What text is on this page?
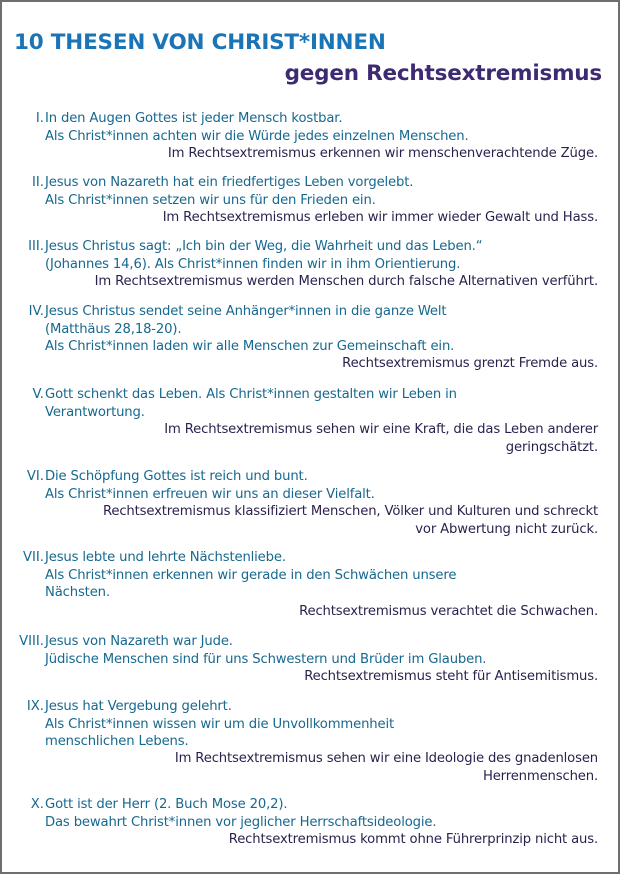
10 THESEN VON CHRIST*INNEN
gegen Rechtsextremismus
I. In den Augen Gottes ist jeder Mensch kostbar.
Als Christ*innen achten wir die Würde jedes einzelnen Menschen.
Im Rechtsextremismus erkennen wir menschenverachtende Züge.
II. Jesus von Nazareth hat ein friedfertiges Leben vorgelebt.
Als Christ*innen setzen wir uns für den Frieden ein.
Im Rechtsextremismus erleben wir immer wieder Gewalt und Hass.
III. Jesus Christus sagt: „Ich bin der Weg, die Wahrheit und das Leben.“
(Johannes 14,6). Als Christ*innen finden wir in ihm Orientierung.
Im Rechtsextremismus werden Menschen durch falsche Alternativen verführt.
IV. Jesus Christus sendet seine Anhänger*innen in die ganze Welt
(Matthäus 28,18-20).
Als Christ*innen laden wir alle Menschen zur Gemeinschaft ein.
Rechtsextremismus grenzt Fremde aus.
V. Gott schenkt das Leben. Als Christ*innen gestalten wir Leben in
Verantwortung.
Im Rechtsextremismus sehen wir eine Kraft, die das Leben anderer
geringschätzt.
VI. Die Schöpfung Gottes ist reich und bunt.
Als Christ*innen erfreuen wir uns an dieser Vielfalt.
Rechtsextremismus klassifiziert Menschen, Völker und Kulturen und schreckt
vor Abwertung nicht zurück.
VII. Jesus lebte und lehrte Nächstenliebe.
Als Christ*innen erkennen wir gerade in den Schwächen unsere
Nächsten.
Rechtsextremismus verachtet die Schwachen.
VIII. Jesus von Nazareth war Jude.
Jüdische Menschen sind für uns Schwestern und Brüder im Glauben.
Rechtsextremismus steht für Antisemitismus.
IX. Jesus hat Vergebung gelehrt.
Als Christ*innen wissen wir um die Unvollkommenheit
menschlichen Lebens.
Im Rechtsextremismus sehen wir eine Ideologie des gnadenlosen
Herrenmenschen.
X. Gott ist der Herr (2. Buch Mose 20,2).
Das bewahrt Christ*innen vor jeglicher Herrschaftsideologie.
Rechtsextremismus kommt ohne Führerprinzip nicht aus.
